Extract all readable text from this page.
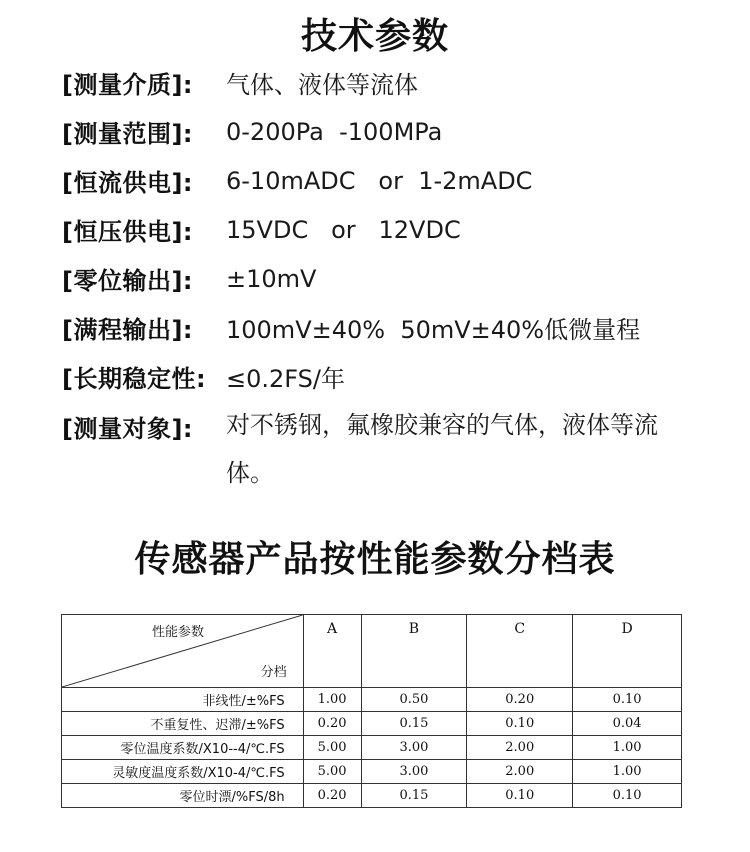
技术参数
[测量介质]:	气体、液体等流体
[测量范围]:	0-200Pa  -100MPa
[恒流供电]:	6-10mADC   or  1-2mADC
[恒压供电]:	15VDC   or   12VDC
[零位输出]:	±10mV
[满程输出]:	100mV±40%  50mV±40%低微量程
[长期稳定性: ≤0.2FS/年
[测量对象]:	对不锈钢，氟橡胶兼容的气体，液体等流体。
传感器产品按性能参数分档表
性能参数
分档	A	B	C	D
非线性/±%FS	1.00	0.50	0.20	0.10
不重复性、迟滞/±%FS	0.20	0.15	0.10	0.04
零位温度系数/X10--4/℃.FS	5.00	3.00	2.00	1.00
灵敏度温度系数/X10-4/℃.FS	5.00	3.00	2.00	1.00
零位时漂/%FS/8h	0.20	0.15	0.10	0.10
